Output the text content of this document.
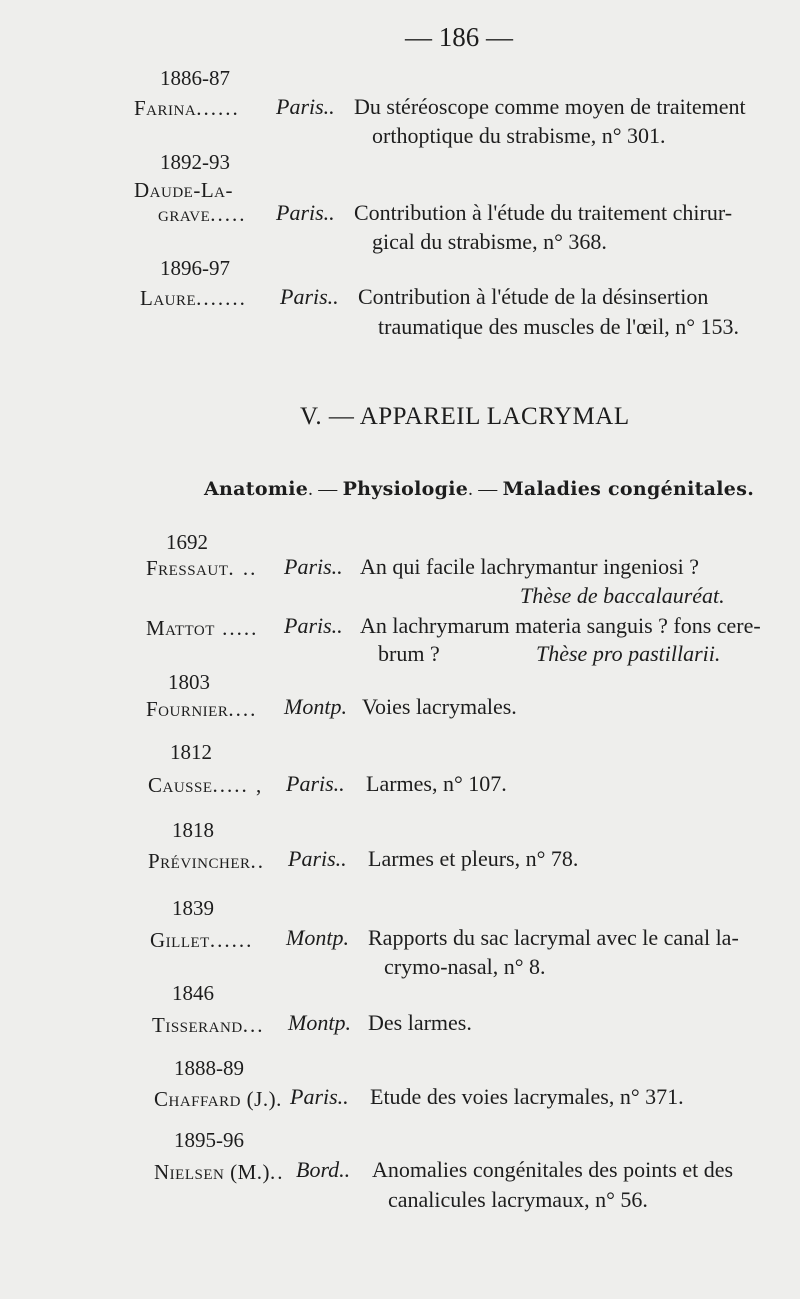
— 186 —
1886-87
Farina...... Paris.. Du stéréoscope comme moyen de traitement
orthoptique du strabisme, n° 301.
1892-93
Daude-La-
grave..... Paris.. Contribution à l'étude du traitement chirur-
gical du strabisme, n° 368.
1896-97
Laure....... Paris.. Contribution à l'étude de la désinsertion
traumatique des muscles de l'œil, n° 153.
V. — APPAREIL LACRYMAL
Anatomie. — Physiologie. — Maladies congénitales.
1692
Fressaut. .. Paris.. An qui facile lachrymantur ingeniosi ?
Thèse de baccalauréat.
Mattot ..... Paris.. An lachrymarum materia sanguis ? fons cere-
brum ?	Thèse pro pastillarii.
1803
Fournier.... Montp. Voies lacrymales.
1812
Causse..... , Paris.. Larmes, n° 107.
1818
Prévincher.. Paris.. Larmes et pleurs, n° 78.
1839
Gillet...... Montp. Rapports du sac lacrymal avec le canal la-
crymo-nasal, n° 8.
1846
Tisserand... Montp. Des larmes.
1888-89
Chaffard (J.). Paris.. Etude des voies lacrymales, n° 371.
1895-96
Nielsen (M.).. Bord.. Anomalies congénitales des points et des
canalicules lacrymaux, n° 56.
